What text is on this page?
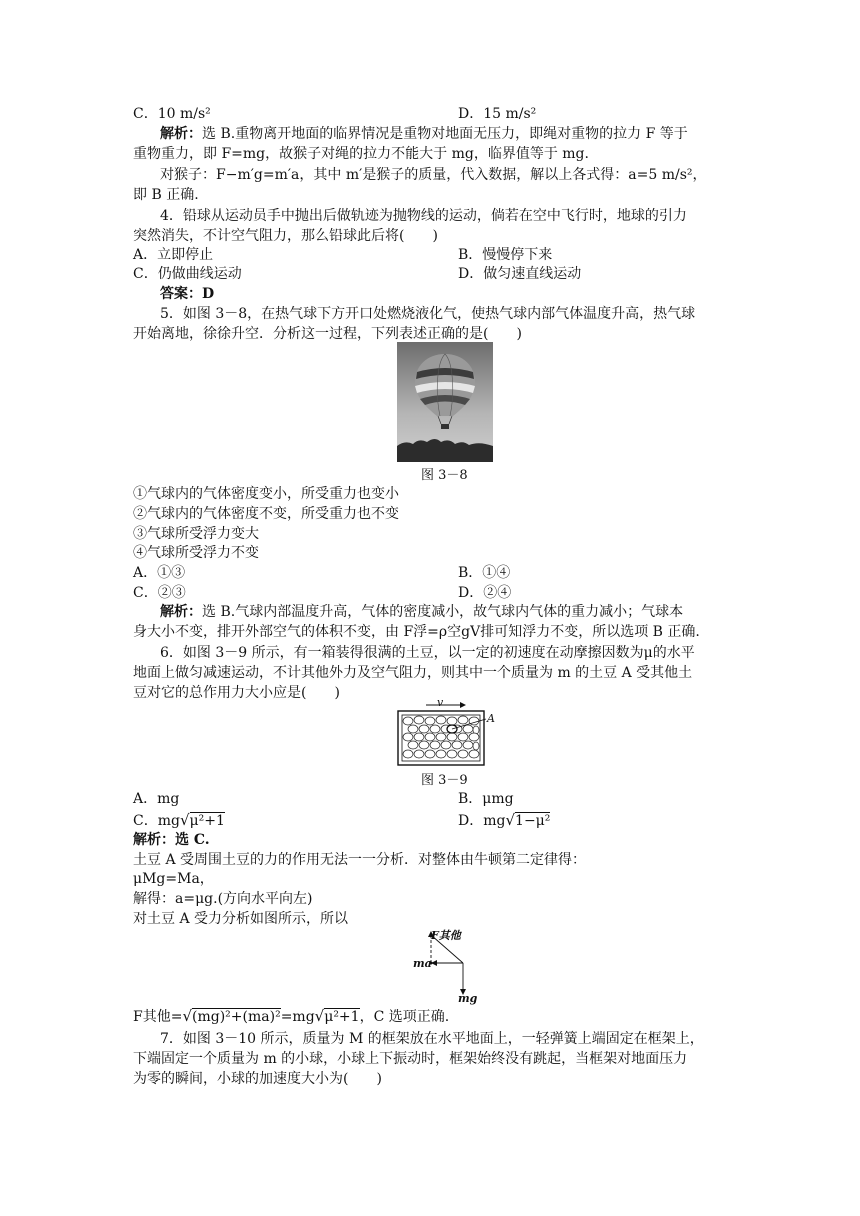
C．10 m/s²	D．15 m/s²
解析：选 B.重物离开地面的临界情况是重物对地面无压力，即绳对重物的拉力 F 等于
重物重力，即 F=mg，故猴子对绳的拉力不能大于 mg，临界值等于 mg.
对猴子：F−m′g=m′a，其中 m′是猴子的质量，代入数据，解以上各式得：a=5 m/s²，
即 B 正确.
4．铅球从运动员手中抛出后做轨迹为抛物线的运动，倘若在空中飞行时，地球的引力
突然消失，不计空气阻力，那么铅球此后将(　　)
A．立即停止	B．慢慢停下来
C．仍做曲线运动	D．做匀速直线运动
答案：D
5．如图 3－8，在热气球下方开口处燃烧液化气，使热气球内部气体温度升高，热气球
开始离地，徐徐升空．分析这一过程，下列表述正确的是(　　)
图 3－8
①气球内的气体密度变小，所受重力也变小
②气球内的气体密度不变，所受重力也不变
③气球所受浮力变大
④气球所受浮力不变
A．①③	B．①④
C．②③	D．②④
解析：选 B.气球内部温度升高，气体的密度减小，故气球内气体的重力减小；气球本
身大小不变，排开外部空气的体积不变，由 F浮=ρ空gV排可知浮力不变，所以选项 B 正确.
6．如图 3－9 所示，有一箱装得很满的土豆，以一定的初速度在动摩擦因数为μ的水平
地面上做匀减速运动，不计其他外力及空气阻力，则其中一个质量为 m 的土豆 A 受其他土
豆对它的总作用力大小应是(　　)
v
A
图 3－9
A．mg	B．μmg
C．mg√μ²+1	D．mg√1−μ²
解析：选 C.
土豆 A 受周围土豆的力的作用无法一一分析．对整体由牛顿第二定律得：
μMg=Ma，
解得：a=μg.(方向水平向左)
对土豆 A 受力分析如图所示，所以
F其他
ma
mg
F其他=√(mg)²+(ma)²=mg√μ²+1，C 选项正确.
7．如图 3－10 所示，质量为 M 的框架放在水平地面上，一轻弹簧上端固定在框架上，
下端固定一个质量为 m 的小球，小球上下振动时，框架始终没有跳起，当框架对地面压力
为零的瞬间，小球的加速度大小为(　　)
